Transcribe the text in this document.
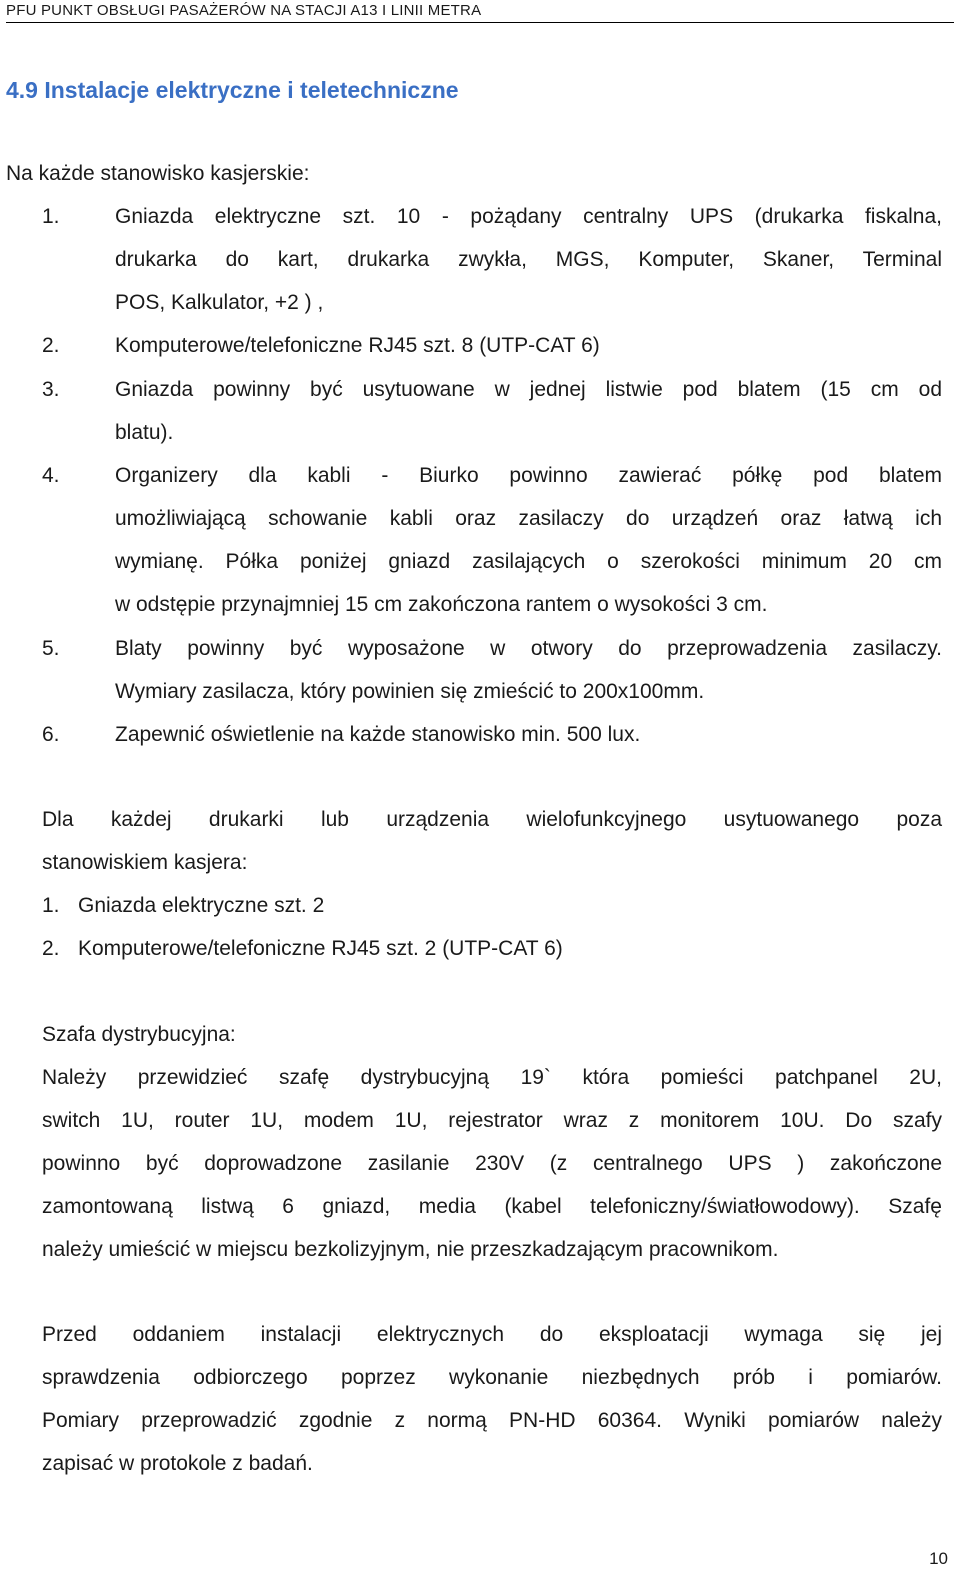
PFU PUNKT OBSŁUGI PASAŻERÓW NA STACJI A13 I LINII METRA
4.9 Instalacje elektryczne i teletechniczne
Na każde stanowisko kasjerskie:
1.	Gniazda elektryczne szt. 10 - pożądany centralny UPS (drukarka fiskalna,
drukarka do kart, drukarka zwykła, MGS, Komputer, Skaner, Terminal
POS, Kalkulator, +2 ) ,
2.	Komputerowe/telefoniczne RJ45 szt. 8 (UTP-CAT 6)
3.	Gniazda powinny być usytuowane w jednej listwie pod blatem (15 cm od
blatu).
4.	Organizery dla kabli - Biurko powinno zawierać półkę pod blatem
umożliwiającą schowanie kabli oraz zasilaczy do urządzeń oraz łatwą ich
wymianę. Półka poniżej gniazd zasilających o szerokości minimum 20 cm
w odstępie przynajmniej 15 cm zakończona rantem o wysokości 3 cm.
5.	Blaty powinny być wyposażone w otwory do przeprowadzenia zasilaczy.
Wymiary zasilacza, który powinien się zmieścić to 200x100mm.
6.	Zapewnić oświetlenie na każde stanowisko min. 500 lux.
Dla każdej drukarki lub urządzenia wielofunkcyjnego usytuowanego poza
stanowiskiem kasjera:
1. Gniazda elektryczne szt. 2
2. Komputerowe/telefoniczne RJ45 szt. 2 (UTP-CAT 6)
Szafa dystrybucyjna:
Należy przewidzieć szafę dystrybucyjną 19` która pomieści patchpanel 2U,
switch 1U, router 1U, modem 1U, rejestrator wraz z monitorem 10U. Do szafy
powinno być doprowadzone zasilanie 230V (z centralnego UPS ) zakończone
zamontowaną listwą 6 gniazd, media (kabel telefoniczny/światłowodowy). Szafę
należy umieścić w miejscu bezkolizyjnym, nie przeszkadzającym pracownikom.
Przed oddaniem instalacji elektrycznych do eksploatacji wymaga się jej
sprawdzenia odbiorczego poprzez wykonanie niezbędnych prób i pomiarów.
Pomiary przeprowadzić zgodnie z normą PN-HD 60364. Wyniki pomiarów należy
zapisać w protokole z badań.
10
